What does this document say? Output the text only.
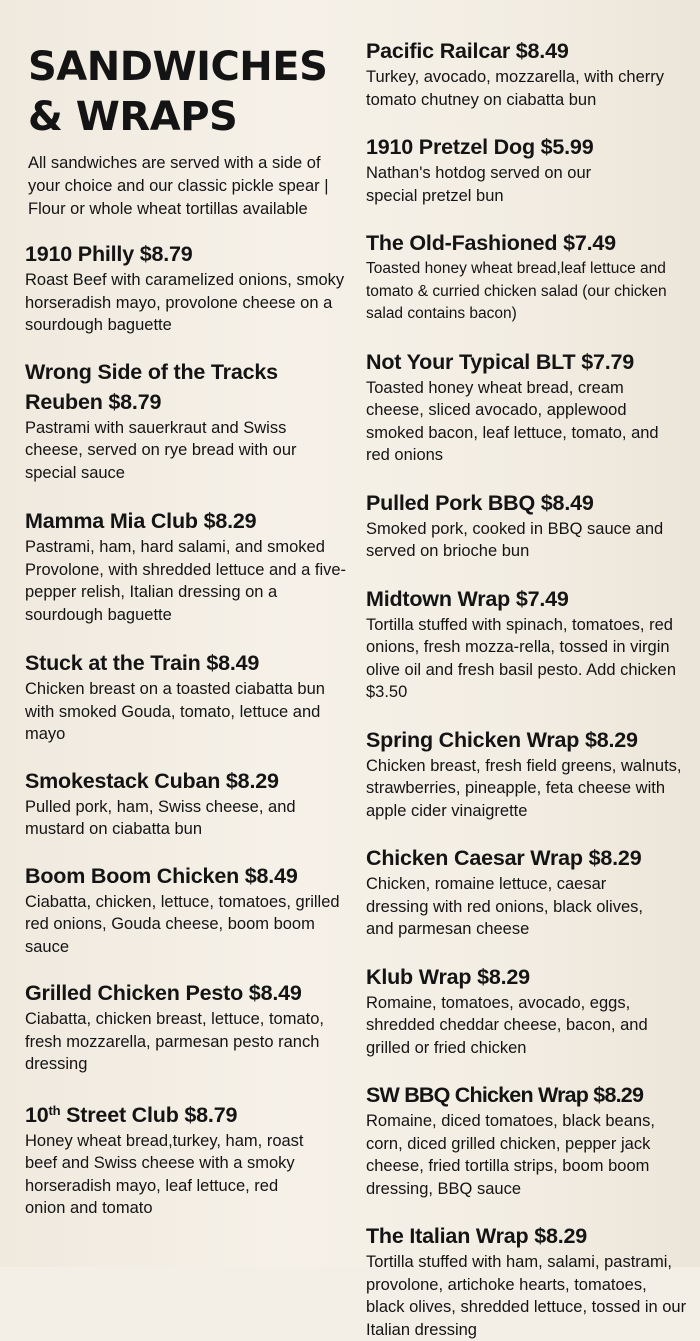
SANDWICHES
& WRAPS
All sandwiches are served with a side of your choice and our classic pickle spear | Flour or whole wheat tortillas available
1910 Philly $8.79
Roast Beef with caramelized onions, smoky horseradish mayo, provolone cheese on a sourdough baguette
Wrong Side of the Tracks Reuben $8.79
Pastrami with sauerkraut and Swiss cheese, served on rye bread with our special sauce
Mamma Mia Club $8.29
Pastrami, ham, hard salami, and smoked Provolone, with shredded lettuce and a five-pepper relish, Italian dressing on a sourdough baguette
Stuck at the Train $8.49
Chicken breast on a toasted ciabatta bun with smoked Gouda, tomato, lettuce and mayo
Smokestack Cuban $8.29
Pulled pork, ham, Swiss cheese, and mustard on ciabatta bun
Boom Boom Chicken $8.49
Ciabatta, chicken, lettuce, tomatoes, grilled red onions, Gouda cheese, boom boom sauce
Grilled Chicken Pesto $8.49
Ciabatta, chicken breast, lettuce, tomato, fresh mozzarella, parmesan pesto ranch dressing
10th Street Club $8.79
Honey wheat bread,turkey, ham, roast beef and Swiss cheese with a smoky horseradish mayo, leaf lettuce, red onion and tomato
Pacific Railcar $8.49
Turkey, avocado, mozzarella, with cherry tomato chutney on ciabatta bun
1910 Pretzel Dog $5.99
Nathan's hotdog served on our special pretzel bun
The Old-Fashioned $7.49
Toasted honey wheat bread,leaf lettuce and tomato & curried chicken salad (our chicken salad contains bacon)
Not Your Typical BLT $7.79
Toasted honey wheat bread, cream cheese, sliced avocado, applewood smoked bacon, leaf lettuce, tomato, and red onions
Pulled Pork BBQ $8.49
Smoked pork, cooked in BBQ sauce and served on brioche bun
Midtown Wrap $7.49
Tortilla stuffed with spinach, tomatoes, red onions, fresh mozza-rella, tossed in virgin olive oil and fresh basil pesto. Add chicken $3.50
Spring Chicken Wrap $8.29
Chicken breast, fresh field greens, walnuts, strawberries, pineapple, feta cheese with apple cider vinaigrette
Chicken Caesar Wrap $8.29
Chicken, romaine lettuce, caesar dressing with red onions, black olives, and parmesan cheese
Klub Wrap $8.29
Romaine, tomatoes, avocado, eggs, shredded cheddar cheese, bacon, and grilled or fried chicken
SW BBQ Chicken Wrap $8.29
Romaine, diced tomatoes, black beans, corn, diced grilled chicken, pepper jack cheese, fried tortilla strips, boom boom dressing, BBQ sauce
The Italian Wrap $8.29
Tortilla stuffed with ham, salami, pastrami, provolone, artichoke hearts, tomatoes, black olives, shredded lettuce, tossed in our Italian dressing
